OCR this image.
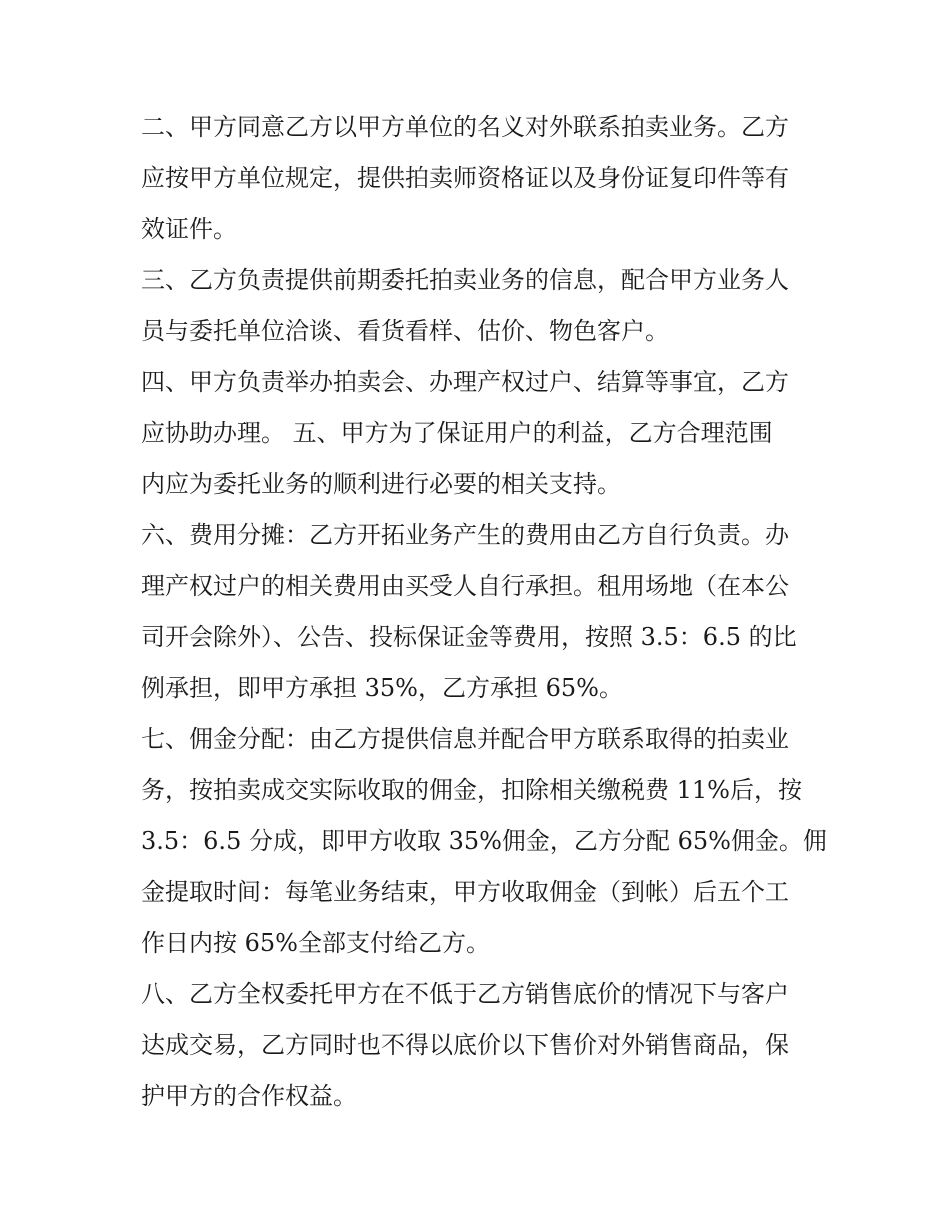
二、甲方同意乙方以甲方单位的名义对外联系拍卖业务。乙方
应按甲方单位规定，提供拍卖师资格证以及身份证复印件等有
效证件。
三、乙方负责提供前期委托拍卖业务的信息，配合甲方业务人
员与委托单位洽谈、看货看样、估价、物色客户。
四、甲方负责举办拍卖会、办理产权过户、结算等事宜，乙方
应协助办理。 五、甲方为了保证用户的利益，乙方合理范围
内应为委托业务的顺利进行必要的相关支持。
六、费用分摊：乙方开拓业务产生的费用由乙方自行负责。办
理产权过户的相关费用由买受人自行承担。租用场地（在本公
司开会除外）、公告、投标保证金等费用，按照 3.5：6.5 的比
例承担，即甲方承担 35%，乙方承担 65%。
七、佣金分配：由乙方提供信息并配合甲方联系取得的拍卖业
务，按拍卖成交实际收取的佣金，扣除相关缴税费 11%后，按
3.5：6.5 分成，即甲方收取 35%佣金，乙方分配 65%佣金。佣
金提取时间：每笔业务结束，甲方收取佣金（到帐）后五个工
作日内按 65%全部支付给乙方。
八、乙方全权委托甲方在不低于乙方销售底价的情况下与客户
达成交易，乙方同时也不得以底价以下售价对外销售商品，保
护甲方的合作权益。
